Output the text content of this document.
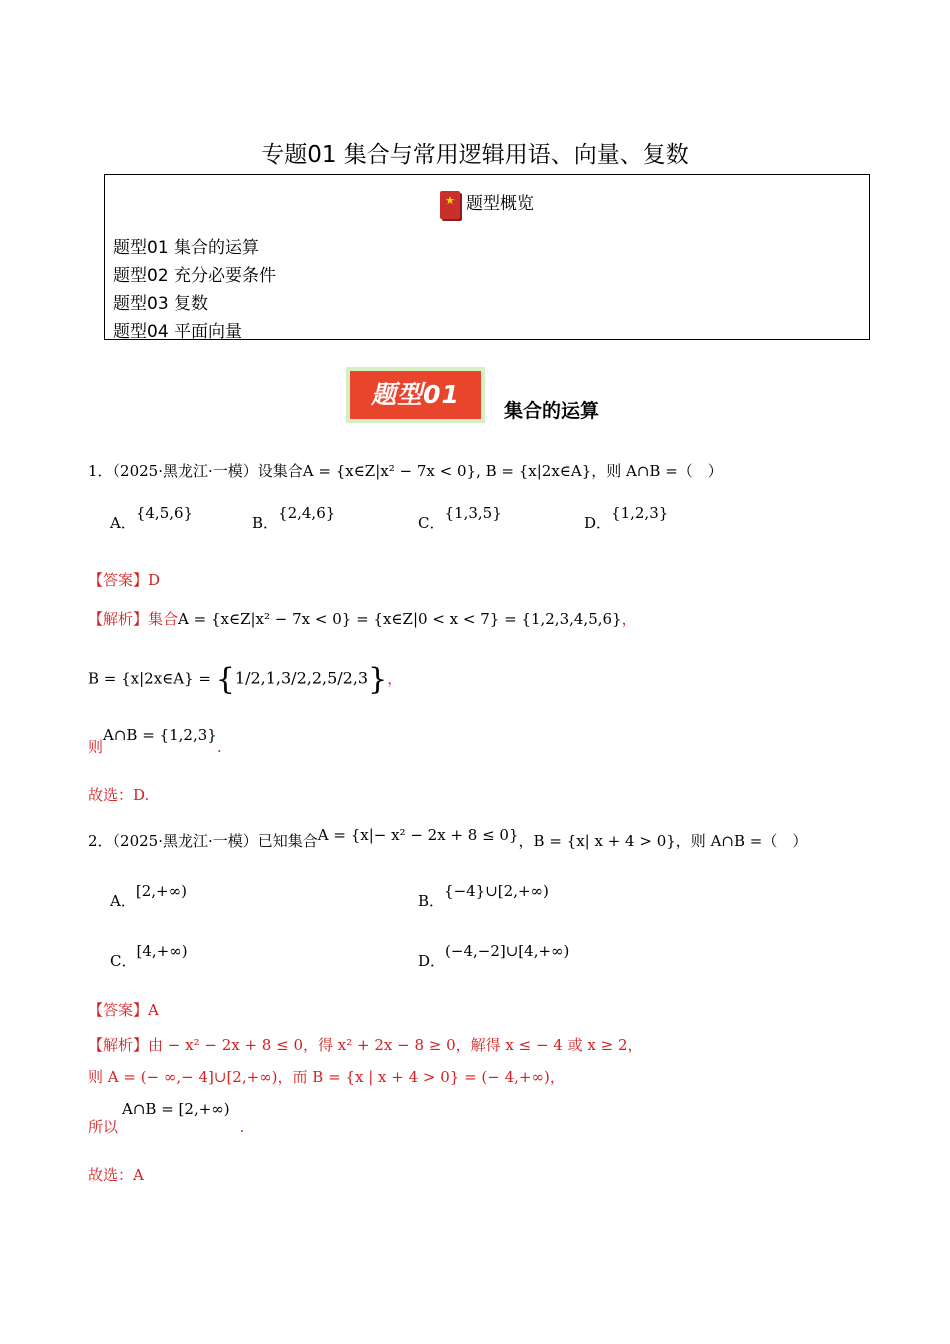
专题01 集合与常用逻辑用语、向量、复数
★ 题型概览
题型01 集合的运算
题型02 充分必要条件
题型03 复数
题型04 平面向量
题型01
集合的运算
1．（2025·黑龙江·一模）设集合A = {x∈Z|x² − 7x < 0}, B = {x|2x∈A}，则 A∩B =（　）
A．{4,5,6}
B．{2,4,6}
C．{1,3,5}
D．{1,2,3}
【答案】D
【解析】集合A = {x∈Z|x² − 7x < 0} = {x∈Z|0 < x < 7} = {1,2,3,4,5,6}，
B = {x|2x∈A} = {1/2,1,3/2,2,5/2,3}，
则A∩B = {1,2,3}.
故选：D.
2．（2025·黑龙江·一模）已知集合A = {x|− x² − 2x + 8 ≤ 0}，B = {x| x + 4 > 0}，则 A∩B =（　）
A．[2,+∞)
B．{−4}∪[2,+∞)
C．[4,+∞)
D．(−4,−2]∪[4,+∞)
【答案】A
【解析】由 − x² − 2x + 8 ≤ 0，得 x² + 2x − 8 ≥ 0，解得 x ≤ − 4 或 x ≥ 2，
则 A = (− ∞,− 4]∪[2,+∞)，而 B = {x | x + 4 > 0} = (− 4,+∞)，
所以A∩B = [2,+∞).
故选：A
